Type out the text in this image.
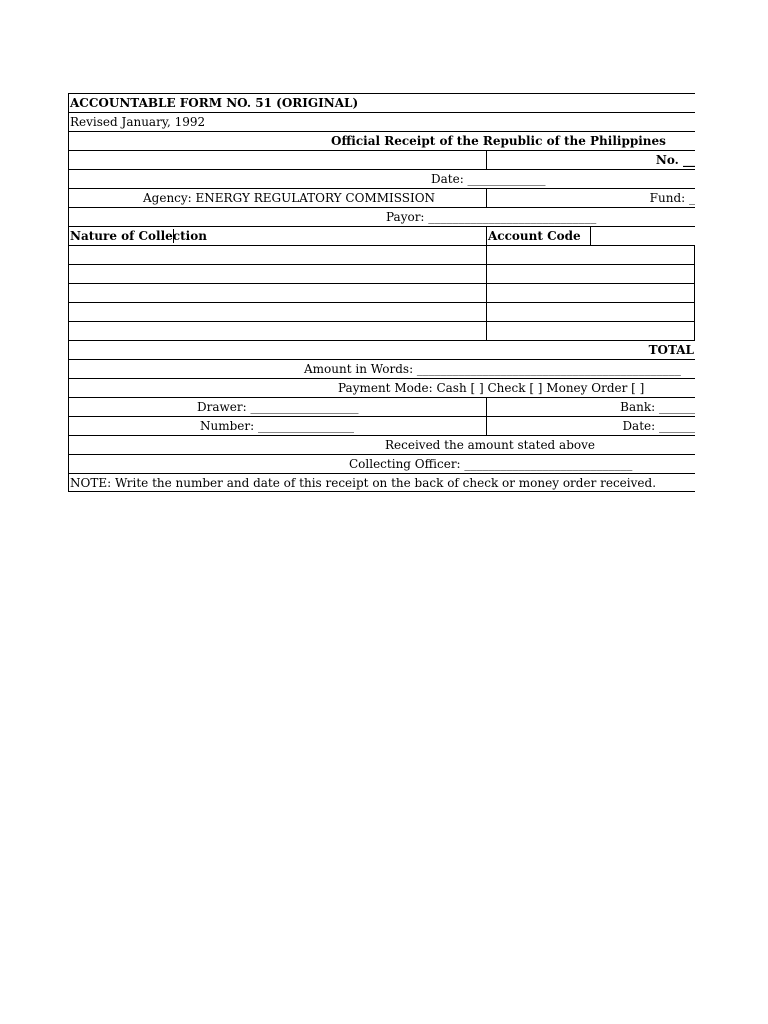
ACCOUNTABLE FORM NO. 51 (ORIGINAL)
Revised January, 1992
Official Receipt of the Republic of the Philippines
No. __
Date: _____________
Agency: ENERGY REGULATORY COMMISSION	Fund: _
Payor: ____________________________
Nature of Collection	Account Code
TOTAL
Amount in Words: ____________________________________________
Payment Mode: Cash [ ] Check [ ] Money Order [ ]
Drawer: __________________	Bank: ______
Number: ________________	Date: ______
Received the amount stated above
Collecting Officer: ____________________________
NOTE: Write the number and date of this receipt on the back of check or money order received.
